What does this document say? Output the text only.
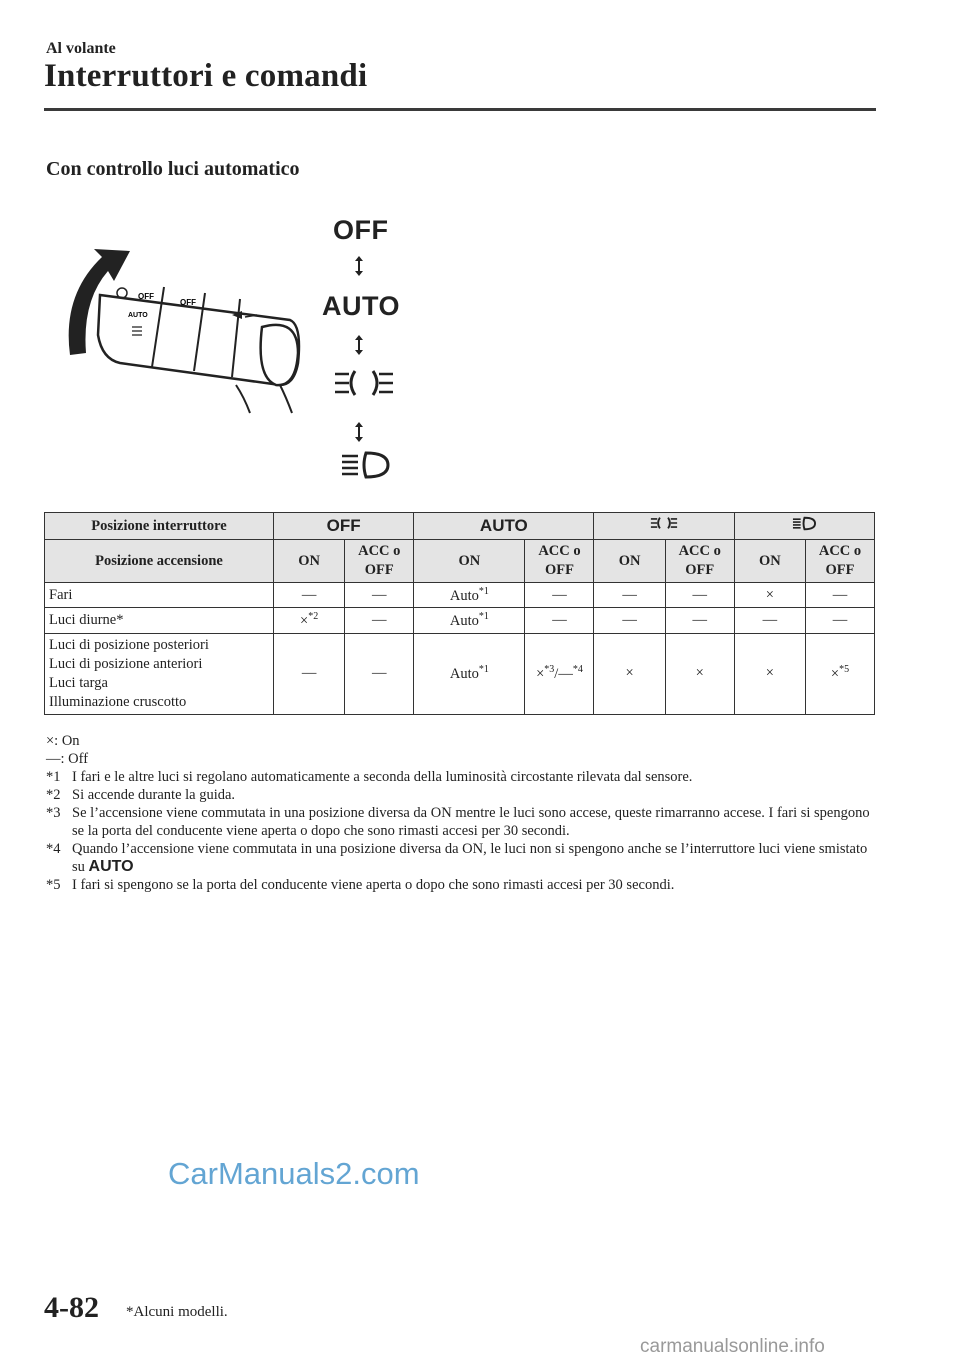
Al volante
Interruttori e comandi
Con controllo luci automatico
OFF
AUTO
OFF
OFF
AUTO
Posizione interruttore	OFF		AUTO		
Posizione accensione	ON	ACC o OFF	ON	ACC o OFF	ON	ACC o OFF	ON	ACC o OFF
Fari	—	—	Auto$^{*1}$	—	—	—	×	—
Luci diurne*	×$^{*2}$	—	Auto$^{*1}$	—	—	—	—	—

Luci di posizione posteriori
Luci di posizione anteriori
Luci targa
Illuminazione cruscotto	—	—	Auto$^{*1}$	×$^{*3}$/—$^{*4}$	×	×	×	×$^{*5}$
×: On
—: Off
*1 I fari e le altre luci si regolano automaticamente a seconda della luminosità circostante rilevata dal sensore.
*2 Si accende durante la guida.
*3 Se l’accensione viene commutata in una posizione diversa da ON mentre le luci sono accese, queste rimarranno accese. I fari si spengono se la porta del conducente viene aperta o dopo che sono rimasti accesi per 30 secondi.
*4 Quando l’accensione viene commutata in una posizione diversa da ON, le luci non si spengono anche se l’interruttore luci viene smistato su AUTO
*5 I fari si spengono se la porta del conducente viene aperta o dopo che sono rimasti accesi per 30 secondi.
CarManuals2.com
4-82 *Alcuni modelli.
carmanualsonline.info
